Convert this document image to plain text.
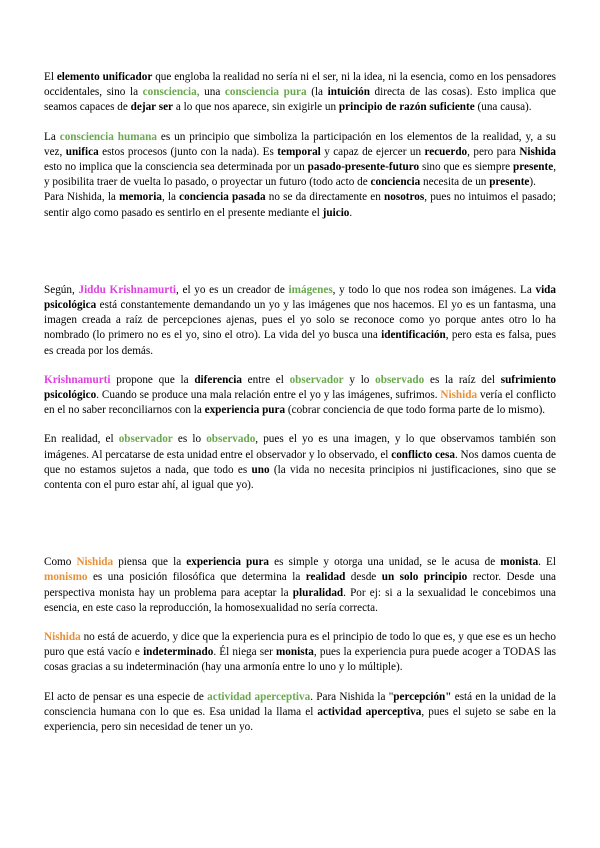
El elemento unificador que engloba la realidad no sería ni el ser, ni la idea, ni la esencia, como en los pensadores occidentales, sino la consciencia, una consciencia pura (la intuición directa de las cosas). Esto implica que seamos capaces de dejar ser a lo que nos aparece, sin exigirle un principio de razón suficiente (una causa).

La consciencia humana es un principio que simboliza la participación en los elementos de la realidad, y, a su vez, unifica estos procesos (junto con la nada). Es temporal y capaz de ejercer un recuerdo, pero para Nishida esto no implica que la consciencia sea determinada por un pasado-presente-futuro sino que es siempre presente, y posibilita traer de vuelta lo pasado, o proyectar un futuro (todo acto de conciencia necesita de un presente).

Para Nishida, la memoria, la conciencia pasada no se da directamente en nosotros, pues no intuimos el pasado; sentir algo como pasado es sentirlo en el presente mediante el juicio.

Según, Jiddu Krishnamurti, el yo es un creador de imágenes, y todo lo que nos rodea son imágenes. La vida psicológica está constantemente demandando un yo y las imágenes que nos hacemos. El yo es un fantasma, una imagen creada a raíz de percepciones ajenas, pues el yo solo se reconoce como yo porque antes otro lo ha nombrado (lo primero no es el yo, sino el otro). La vida del yo busca una identificación, pero esta es falsa, pues es creada por los demás.

Krishnamurti propone que la diferencia entre el observador y lo observado es la raíz del sufrimiento psicológico. Cuando se produce una mala relación entre el yo y las imágenes, sufrimos. Nishida vería el conflicto en el no saber reconciliarnos con la experiencia pura (cobrar conciencia de que todo forma parte de lo mismo).

En realidad, el observador es lo observado, pues el yo es una imagen, y lo que observamos también son imágenes. Al percatarse de esta unidad entre el observador y lo observado, el conflicto cesa. Nos damos cuenta de que no estamos sujetos a nada, que todo es uno (la vida no necesita principios ni justificaciones, sino que se contenta con el puro estar ahí, al igual que yo).

Como Nishida piensa que la experiencia pura es simple y otorga una unidad, se le acusa de monista. El monismo es una posición filosófica que determina la realidad desde un solo principio rector. Desde una perspectiva monista hay un problema para aceptar la pluralidad. Por ej: si a la sexualidad le concebimos una esencia, en este caso la reproducción, la homosexualidad no sería correcta.

Nishida no está de acuerdo, y dice que la experiencia pura es el principio de todo lo que es, y que ese es un hecho puro que está vacío e indeterminado. Él niega ser monista, pues la experiencia pura puede acoger a TODAS las cosas gracias a su indeterminación (hay una armonía entre lo uno y lo múltiple).

El acto de pensar es una especie de actividad aperceptiva. Para Nishida la "percepción" está en la unidad de la consciencia humana con lo que es. Esa unidad la llama el actividad aperceptiva, pues el sujeto se sabe en la experiencia, pero sin necesidad de tener un yo.
